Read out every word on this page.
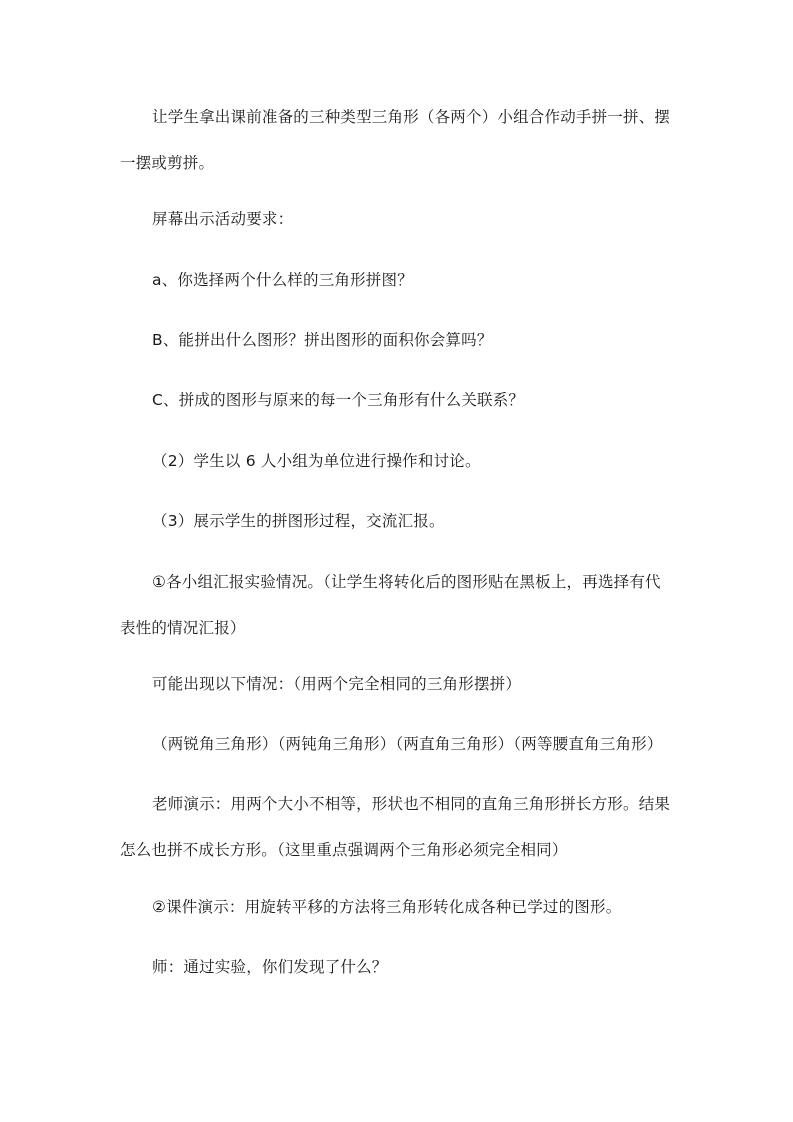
让学生拿出课前准备的三种类型三角形（各两个）小组合作动手拼一拼、摆
一摆或剪拼。

屏幕出示活动要求：

a、你选择两个什么样的三角形拼图？

B、能拼出什么图形？拼出图形的面积你会算吗？

C、拼成的图形与原来的每一个三角形有什么关联系？

（2）学生以 6 人小组为单位进行操作和讨论。

（3）展示学生的拼图形过程，交流汇报。

①各小组汇报实验情况。（让学生将转化后的图形贴在黑板上，再选择有代
表性的情况汇报）

可能出现以下情况：（用两个完全相同的三角形摆拼）

（两锐角三角形）（两钝角三角形）（两直角三角形）（两等腰直角三角形）

老师演示：用两个大小不相等，形状也不相同的直角三角形拼长方形。结果
怎么也拼不成长方形。（这里重点强调两个三角形必须完全相同）

②课件演示：用旋转平移的方法将三角形转化成各种已学过的图形。

师：通过实验，你们发现了什么？
